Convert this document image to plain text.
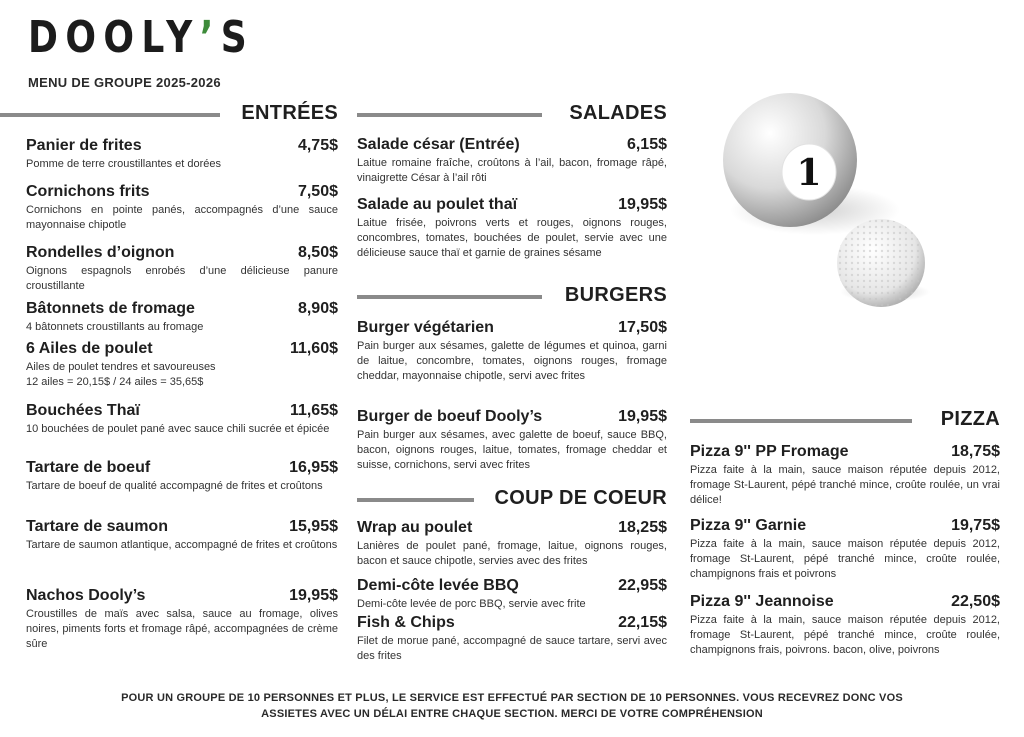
DOOLY’S
MENU DE GROUPE 2025-2026
ENTRÉES
Panier de frites	4,75$
Pomme de terre croustillantes et dorées
Cornichons frits	7,50$
Cornichons en pointe panés, accompagnés d’une sauce mayonnaise chipotle
Rondelles d’oignon	8,50$
Oignons espagnols enrobés d’une délicieuse panure croustillante
Bâtonnets de fromage	8,90$
4 bâtonnets croustillants au fromage
6 Ailes de poulet	11,60$
Ailes de poulet tendres et savoureuses
12 ailes = 20,15$ / 24 ailes = 35,65$
Bouchées Thaï	11,65$
10 bouchées de poulet pané avec sauce chili sucrée et épicée
Tartare de boeuf	16,95$
Tartare de boeuf de qualité accompagné de frites et croûtons
Tartare de saumon	15,95$
Tartare de saumon atlantique, accompagné de frites et croûtons
Nachos Dooly’s	19,95$
Croustilles de maïs avec salsa, sauce au fromage, olives noires, piments forts et fromage râpé, accompagnées de crème sûre
SALADES
BURGERS
COUP DE COEUR
Salade césar (Entrée)	6,15$
Laitue romaine fraîche, croûtons à l’ail, bacon, fromage râpé, vinaigrette César à l’ail rôti
Salade au poulet thaï	19,95$
Laitue frisée, poivrons verts et rouges, oignons rouges, concombres, tomates, bouchées de poulet, servie avec une délicieuse sauce thaï et garnie de graines sésame
Burger végétarien	17,50$
Pain burger aux sésames, galette de légumes et quinoa, garni de laitue, concombre, tomates, oignons rouges, fromage cheddar, mayonnaise chipotle, servi avec frites
Burger de boeuf Dooly’s	19,95$
Pain burger aux sésames, avec galette de boeuf, sauce BBQ, bacon, oignons rouges, laitue, tomates, fromage cheddar et suisse, cornichons, servi avec frites
Wrap au poulet	18,25$
Lanières de poulet pané, fromage, laitue, oignons rouges, bacon et sauce chipotle, servies avec des frites
Demi-côte levée BBQ	22,95$
Demi-côte levée de porc BBQ, servie avec frite
Fish & Chips	22,15$
Filet de morue pané, accompagné de sauce tartare, servi avec des frites
1
PIZZA
Pizza 9'' PP Fromage	18,75$
Pizza faite à la main, sauce maison réputée depuis 2012, fromage St-Laurent, pépé tranché mince, croûte roulée, un vrai délice!
Pizza 9'' Garnie	19,75$
Pizza faite à la main, sauce maison réputée depuis 2012, fromage St-Laurent, pépé tranché mince, croûte roulée, champignons frais et poivrons
Pizza 9'' Jeannoise	22,50$
Pizza faite à la main, sauce maison réputée depuis 2012, fromage St-Laurent, pépé tranché mince, croûte roulée, champignons frais, poivrons. bacon, olive, poivrons
POUR UN GROUPE DE 10 PERSONNES ET PLUS, LE SERVICE EST EFFECTUÉ PAR SECTION DE 10 PERSONNES. VOUS RECEVREZ DONC VOS
ASSIETES AVEC UN DÉLAI ENTRE CHAQUE SECTION. MERCI DE VOTRE COMPRÉHENSION
